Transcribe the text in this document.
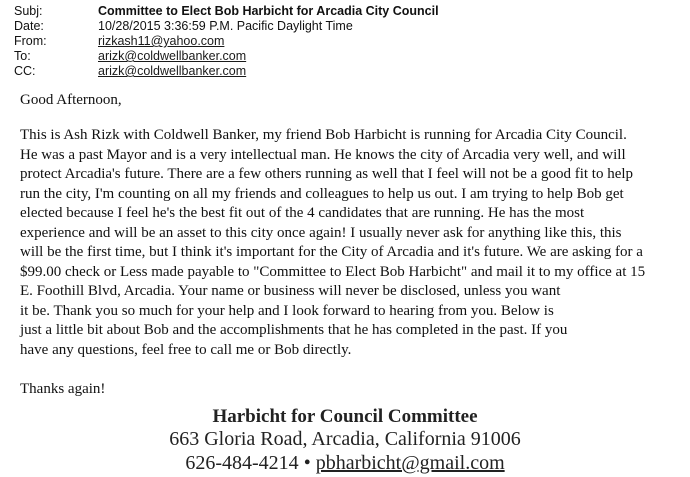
Subj:	Committee to Elect Bob Harbicht for Arcadia City Council
Date:	10/28/2015 3:36:59 P.M. Pacific Daylight Time
From:	rizkash11@yahoo.com
To:	arizk@coldwellbanker.com
CC:	arizk@coldwellbanker.com

Good Afternoon,

This is Ash Rizk with Coldwell Banker, my friend Bob Harbicht is running for Arcadia City Council.
He was a past Mayor and is a very intellectual man. He knows the city of Arcadia very well, and will
protect Arcadia's future. There are a few others running as well that I feel will not be a good fit to help
run the city, I'm counting on all my friends and colleagues to help us out. I am trying to help Bob get
elected because I feel he's the best fit out of the 4 candidates that are running. He has the most
experience and will be an asset to this city once again! I usually never ask for anything like this, this
will be the first time, but I think it's important for the City of Arcadia and it's future. We are asking for a
$99.00 check or Less made payable to "Committee to Elect Bob Harbicht" and mail it to my office at 15
E. Foothill Blvd, Arcadia. Your name or business will never be disclosed, unless you want
it be. Thank you so much for your help and I look forward to hearing from you. Below is
just a little bit about Bob and the accomplishments that he has completed in the past. If you
have any questions, feel free to call me or Bob directly.

Thanks again!

Harbicht for Council Committee
663 Gloria Road, Arcadia, California 91006
626-484-4214 • pbharbicht@gmail.com
